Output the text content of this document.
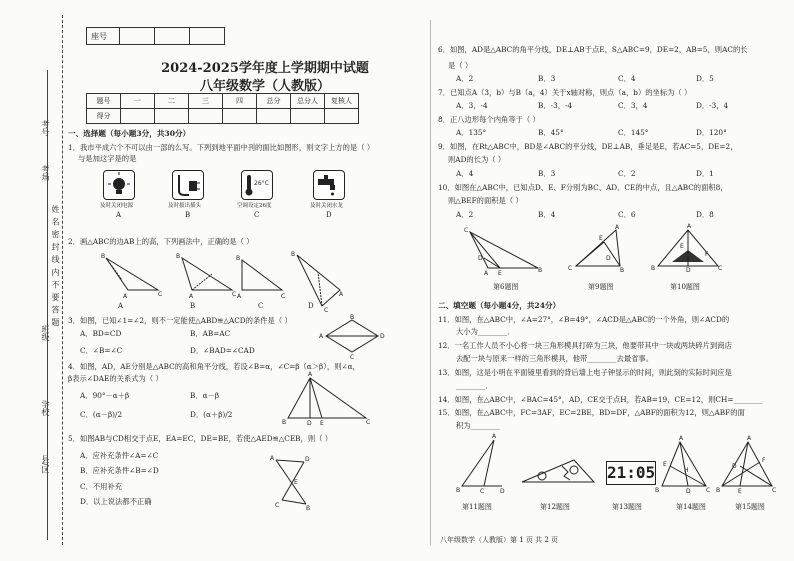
考号
考场
姓 名 密 封 线 内 不 要 答 题
班级
学校
县/区
座号			
2024-2025学年度上学期期中试题
八年级数学（人教版）
题号	一	二	三	四	总分	总分人	复核人
得分							
一、选择题（每小题3分，共30分）
1．我市平成六个不可以由一部的么写。下列到地平面中刊的面比如图形，则文字上方的是（ ）
与是加这字是的是
及时关闭电源
A
及时拔出插头
B
26°C
空调设定26度
C
及时关闭水龙
D
2．画△ABC的边AB上的高，下列画法中，正确的是（ ）
B
A	C
B
A	C
B
A	C
B
A
C
A	B	C	D
3．如图，已知∠1=∠2，则不一定能使△ABD≌△ACD的条件是（ ）
A．BD=CD	B．AB=AC
C．∠B=∠C	D．∠BAD=∠CAD
A
B
D
C
4．如图，AD，AE分别是△ABC的高和角平分线，若设∠B=α，∠C=β（α＞β），则∠α，
β表示∠DAE的关系式为（ ）
A．90°－α＋β	B．α－β
C．(α－β)/2	D．(α＋β)/2
A
B	D E	C
5．如图AB与CD相交于点E，EA=EC，DE=BE，若使△AED≌△CEB，则（ ）
A．应补充条件∠A=∠C
B．应补充条件∠B=∠D
C．不用补充
D．以上说法都不正确
A	D
E
C	B
6．如图，AD是△ABC的角平分线，DE⊥AB于点E，S△ABC=9，DE=2，AB=5，则AC的长
是（ ）
A．2	B．3	C．4	D．5
7．已知点A（3，b）与B（a，4）关于x轴对称，则点（a，b）的坐标为（ ）
A．3，-4	B．-3，-4	C．3，4	D．-3，4
8．正八边形每个内角等于（ ）
A．135°	B．45°	C．145°	D．120°
9．如图，在Rt△ABC中，BD是∠ABC的平分线，DE⊥AB，垂足是E，若AC=5，DE=2，
则AD的长为（ ）
A．4	B．3	C．2	D．1
10．如图在△ABC中，已知点D、E、F分别为BC、AD、CE的中点，且△ABC的面积8，
则△BEF的面积是（ ）
A．2	B．4	C．6	D．8
C
A E	B
D
A
C
E
B
D
A
B	D	C
F
E
第6题图	第9题图	第10题图
二、填空题（每小题4分，共24分）
11．如图，在△ABC中，∠A=27°，∠B=49°，∠ACD是△ABC的一个外角，则∠ACD的
大小为________．
12．一名工作人员不小心将一块三角形模具打碎为三块，他要带其中一块或两块碎片到商店
去配一块与原来一样的三角形模具，他带________去最省事。
13．如图，这是小明在平面镜里看到的背后墙上电子钟显示的时间，则此刻的实际时间应是
________．
14．如图，在△ABC中，∠BAC=45°，AD，CE交于点H，若AB=19，CE=12，则CH=________
15．如图，在△ABC中，FC=3AF，EC=2BE，BD=DF，△ABF的面积为12，则△ABF的面
积为________
A
B	C	D
A
B	D	C
E
H
A
B	E	C
F
D
21:05
第11题图	第12题图	第13题图	第14题图	第15题图
八年级数学（人教版）第 1 页 共 2 页
